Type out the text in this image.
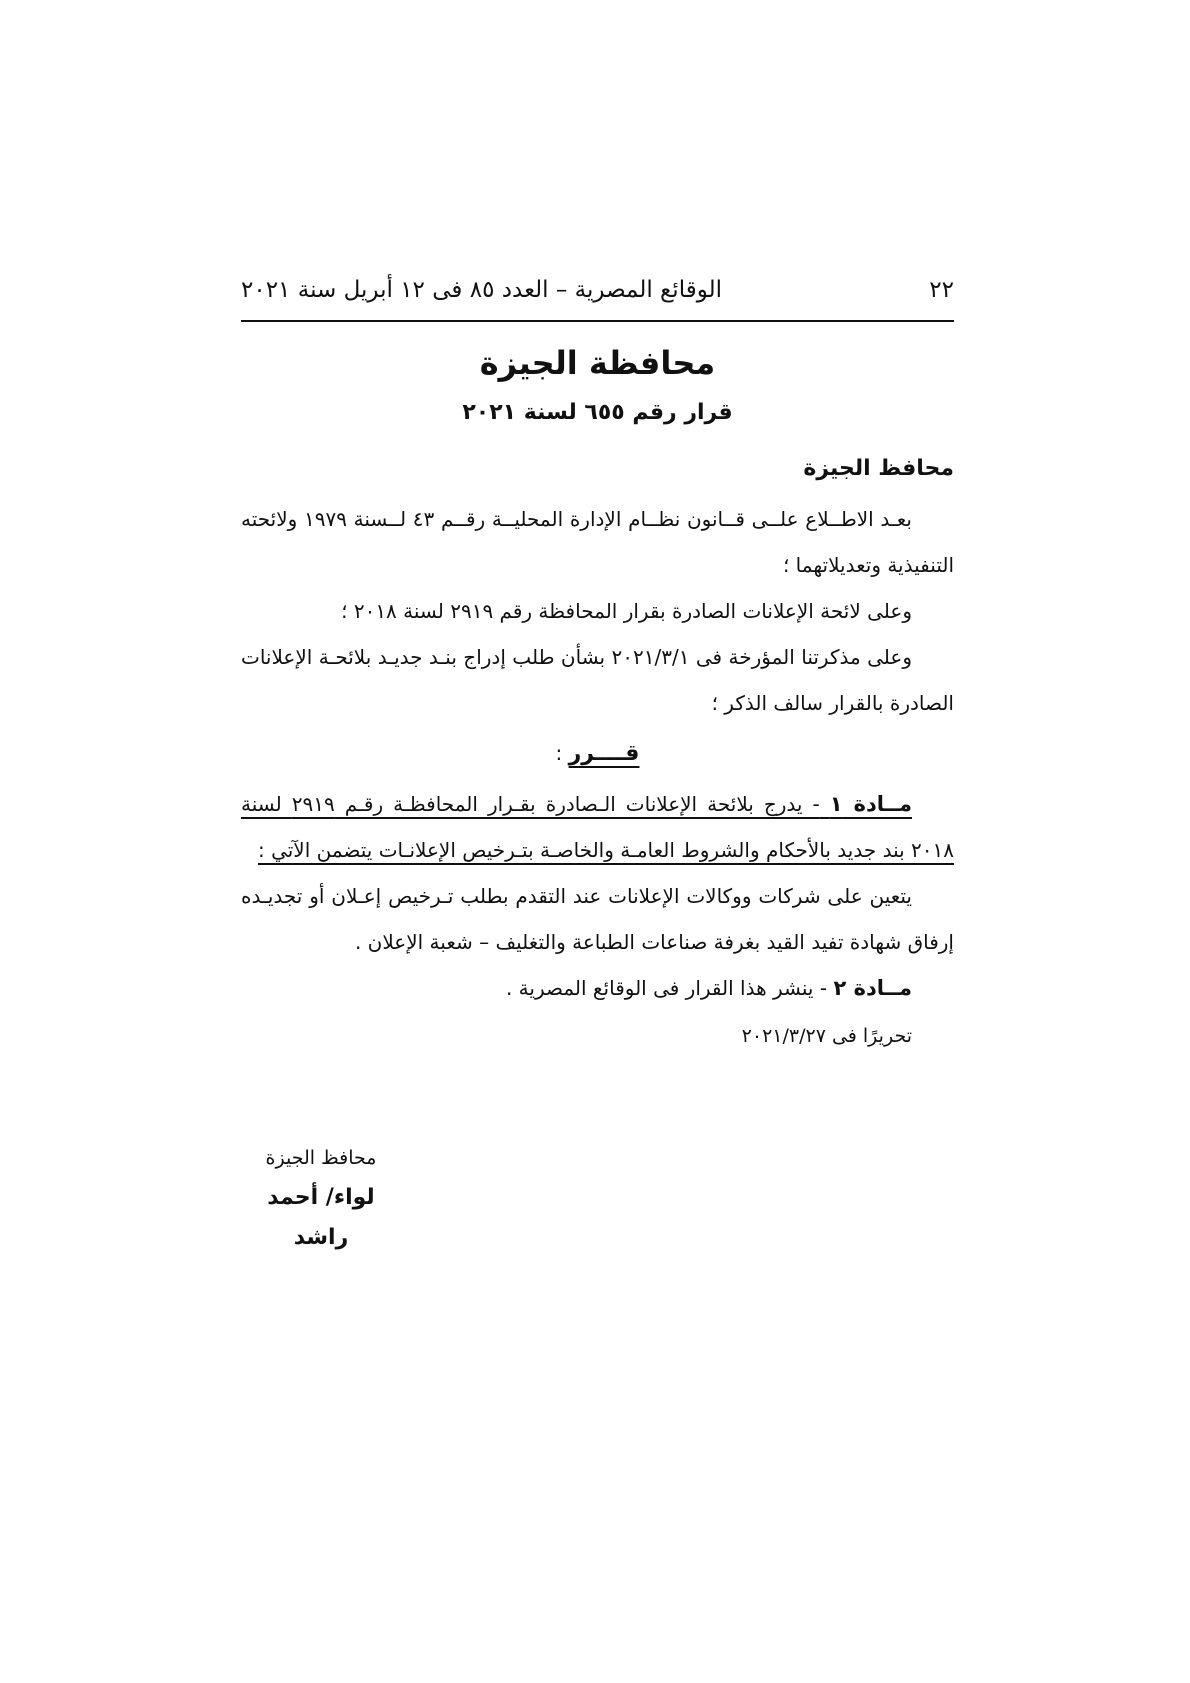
٢٢
الوقائع المصرية – العدد ٨٥ فى ١٢ أبريل سنة ٢٠٢١
محافظة الجيزة
قرار رقم ٦٥٥ لسنة ٢٠٢١

محافظ الجيزة

بعـد الاطــلاع علــى قــانون نظــام الإدارة المحليــة رقــم ٤٣ لــسنة ١٩٧٩ ولائحته التنفيذية وتعديلاتهما ؛

وعلى لائحة الإعلانات الصادرة بقرار المحافظة رقم ٢٩١٩ لسنة ٢٠١٨ ؛

وعلى مذكرتنا المؤرخة فى ٢٠٢١/٣/١ بشأن طلب إدراج بنـد جديـد بلائحـة الإعلانات الصادرة بالقرار سالف الذكر ؛

قــــرر :

مــادة ١ - يدرج بلائحة الإعلانات الـصادرة بقـرار المحافظـة رقـم ٢٩١٩ لسنة ٢٠١٨ بند جديد بالأحكام والشروط العامـة والخاصـة بتـرخيص الإعلانـات يتضمن الآتي :

يتعين على شركات ووكالات الإعلانات عند التقدم بطلب تـرخيص إعـلان أو تجديـده إرفاق شهادة تفيد القيد بغرفة صناعات الطباعة والتغليف – شعبة الإعلان .

مــادة ٢ - ينشر هذا القرار فى الوقائع المصرية .

تحريرًا فى ٢٠٢١/٣/٢٧

محافظ الجيزة
لواء/ أحمد راشد
